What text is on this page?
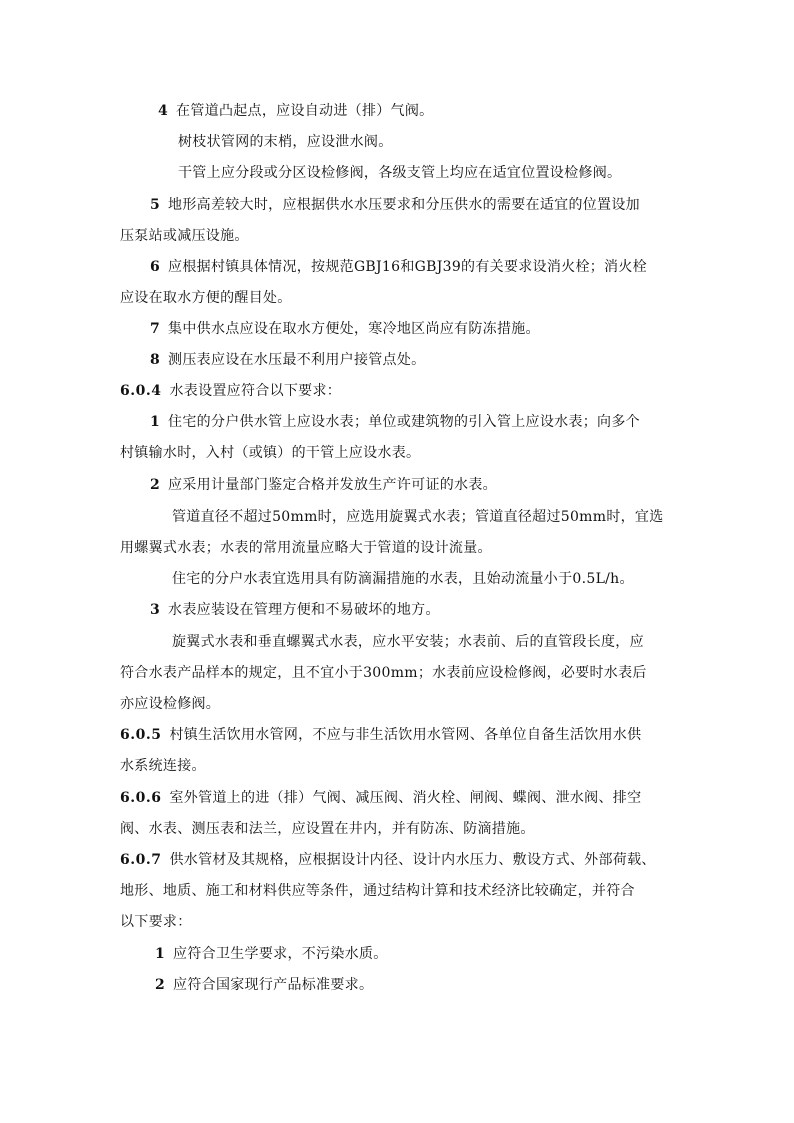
4 在管道凸起点，应设自动进（排）气阀。

树枝状管网的末梢，应设泄水阀。

干管上应分段或分区设检修阀，各级支管上均应在适宜位置设检修阀。

5 地形高差较大时，应根据供水水压要求和分压供水的需要在适宜的位置设加

压泵站或减压设施。

6 应根据村镇具体情况，按规范GBJ16和GBJ39的有关要求设消火栓；消火栓

应设在取水方便的醒目处。

7 集中供水点应设在取水方便处，寒冷地区尚应有防冻措施。

8 测压表应设在水压最不利用户接管点处。

6.0.4 水表设置应符合以下要求：

1 住宅的分户供水管上应设水表；单位或建筑物的引入管上应设水表；向多个

村镇输水时，入村（或镇）的干管上应设水表。

2 应采用计量部门鉴定合格并发放生产许可证的水表。

管道直径不超过50mm时，应选用旋翼式水表；管道直径超过50mm时，宜选

用螺翼式水表；水表的常用流量应略大于管道的设计流量。

住宅的分户水表宜选用具有防滴漏措施的水表，且始动流量小于0.5L/h。

3 水表应装设在管理方便和不易破坏的地方。

旋翼式水表和垂直螺翼式水表，应水平安装；水表前、后的直管段长度，应

符合水表产品样本的规定，且不宜小于300mm；水表前应设检修阀，必要时水表后

亦应设检修阀。

6.0.5 村镇生活饮用水管网，不应与非生活饮用水管网、各单位自备生活饮用水供

水系统连接。

6.0.6 室外管道上的进（排）气阀、减压阀、消火栓、闸阀、蝶阀、泄水阀、排空

阀、水表、测压表和法兰，应设置在井内，并有防冻、防滴措施。

6.0.7 供水管材及其规格，应根据设计内径、设计内水压力、敷设方式、外部荷载、

地形、地质、施工和材料供应等条件，通过结构计算和技术经济比较确定，并符合

以下要求：

1 应符合卫生学要求，不污染水质。

2 应符合国家现行产品标准要求。
